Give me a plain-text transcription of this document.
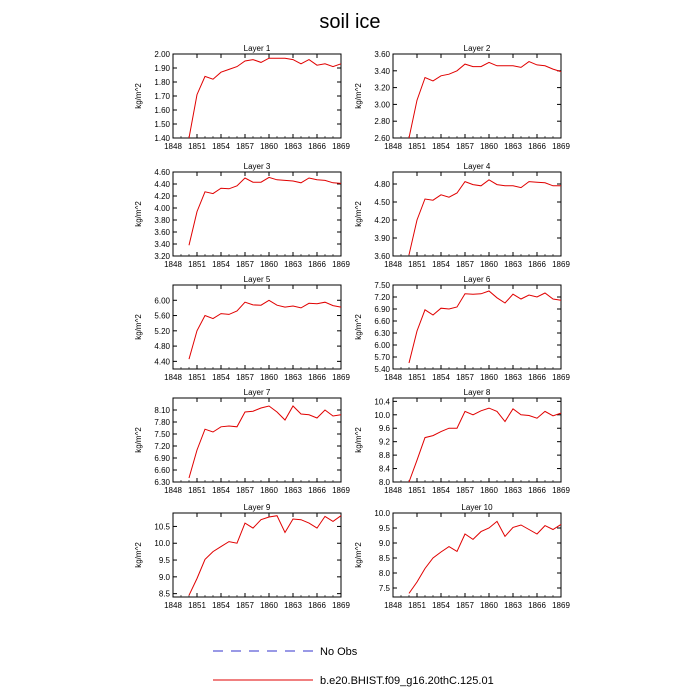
soil ice
Layer 1
kg/m^2
1848 1851 1854 1857 1860 1863 1866 1869
1.40
1.50
1.60
1.70
1.80
1.90
2.00
Layer 2
kg/m^2
1848 1851 1854 1857 1860 1863 1866 1869
2.60
2.80
3.00
3.20
3.40
3.60
Layer 3
kg/m^2
1848 1851 1854 1857 1860 1863 1866 1869
3.20
3.40
3.60
3.80
4.00
4.20
4.40
4.60
Layer 4
kg/m^2
1848 1851 1854 1857 1860 1863 1866 1869
3.60
3.90
4.20
4.50
4.80
Layer 5
kg/m^2
1848 1851 1854 1857 1860 1863 1866 1869
4.40
4.80
5.20
5.60
6.00
Layer 6
kg/m^2
1848 1851 1854 1857 1860 1863 1866 1869
5.40
5.70
6.00
6.30
6.60
6.90
7.20
7.50
Layer 7
kg/m^2
1848 1851 1854 1857 1860 1863 1866 1869
6.30
6.60
6.90
7.20
7.50
7.80
8.10
Layer 8
kg/m^2
1848 1851 1854 1857 1860 1863 1866 1869
8.0
8.4
8.8
9.2
9.6
10.0
10.4
Layer 9
kg/m^2
1848 1851 1854 1857 1860 1863 1866 1869
8.5
9.0
9.5
10.0
10.5
Layer 10
kg/m^2
1848 1851 1854 1857 1860 1863 1866 1869
7.5
8.0
8.5
9.0
9.5
10.0
No Obs
b.e20.BHIST.f09_g16.20thC.125.01
